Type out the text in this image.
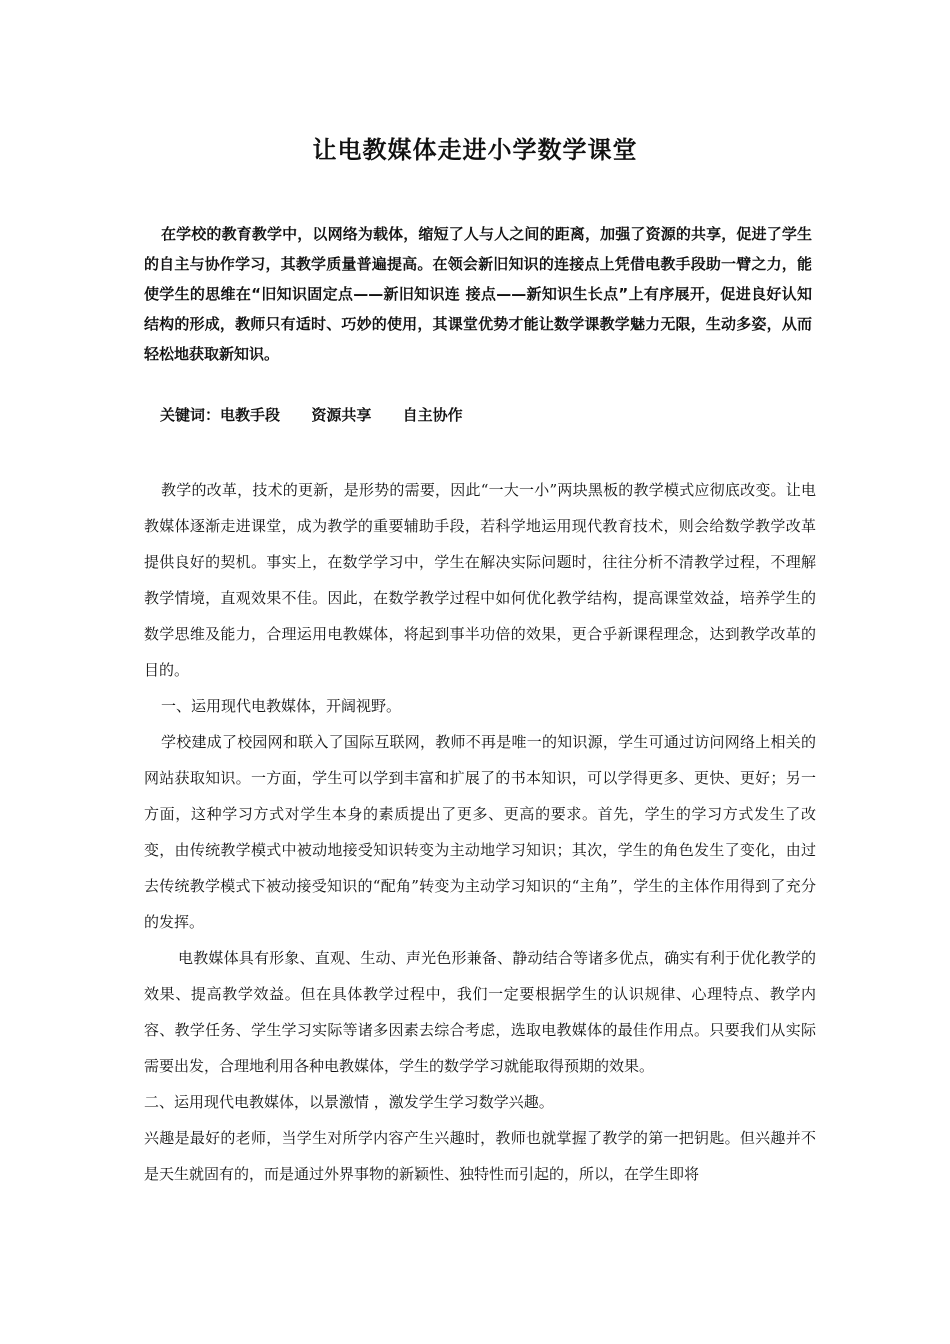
让电教媒体走进小学数学课堂

在学校的教育教学中，以网络为载体，缩短了人与人之间的距离，加强了资源的共享，促进了学生的自主与协作学习，其教学质量普遍提高。在领会新旧知识的连接点上凭借电教手段助一臂之力，能使学生的思维在“旧知识固定点——新旧知识连 接点——新知识生长点”上有序展开，促进良好认知结构的形成，教师只有适时、巧妙的使用，其课堂优势才能让数学课教学魅力无限，生动多姿，从而轻松地获取新知识。

关键词：电教手段      资源共享      自主协作

教学的改革，技术的更新，是形势的需要，因此“一大一小”两块黑板的教学模式应彻底改变。让电教媒体逐渐走进课堂，成为教学的重要辅助手段，若科学地运用现代教育技术，则会给数学教学改革提供良好的契机。事实上，在数学学习中，学生在解决实际问题时，往往分析不清教学过程，不理解教学情境，直观效果不佳。因此，在数学教学过程中如何优化教学结构，提高课堂效益，培养学生的数学思维及能力，合理运用电教媒体，将起到事半功倍的效果，更合乎新课程理念，达到教学改革的目的。

一、运用现代电教媒体，开阔视野。

学校建成了校园网和联入了国际互联网，教师不再是唯一的知识源，学生可通过访问网络上相关的网站获取知识。一方面，学生可以学到丰富和扩展了的书本知识，可以学得更多、更快、更好；另一方面，这种学习方式对学生本身的素质提出了更多、更高的要求。首先，学生的学习方式发生了改变，由传统教学模式中被动地接受知识转变为主动地学习知识；其次，学生的角色发生了变化，由过去传统教学模式下被动接受知识的“配角”转变为主动学习知识的“主角”，学生的主体作用得到了充分的发挥。

电教媒体具有形象、直观、生动、声光色形兼备、静动结合等诸多优点，确实有利于优化教学的效果、提高教学效益。但在具体教学过程中，我们一定要根据学生的认识规律、心理特点、教学内容、教学任务、学生学习实际等诸多因素去综合考虑，选取电教媒体的最佳作用点。只要我们从实际需要出发，合理地利用各种电教媒体，学生的数学学习就能取得预期的效果。

二、运用现代电教媒体，以景激情 ，激发学生学习数学兴趣。

兴趣是最好的老师，当学生对所学内容产生兴趣时，教师也就掌握了教学的第一把钥匙。但兴趣并不是天生就固有的，而是通过外界事物的新颖性、独特性而引起的，所以，在学生即将
